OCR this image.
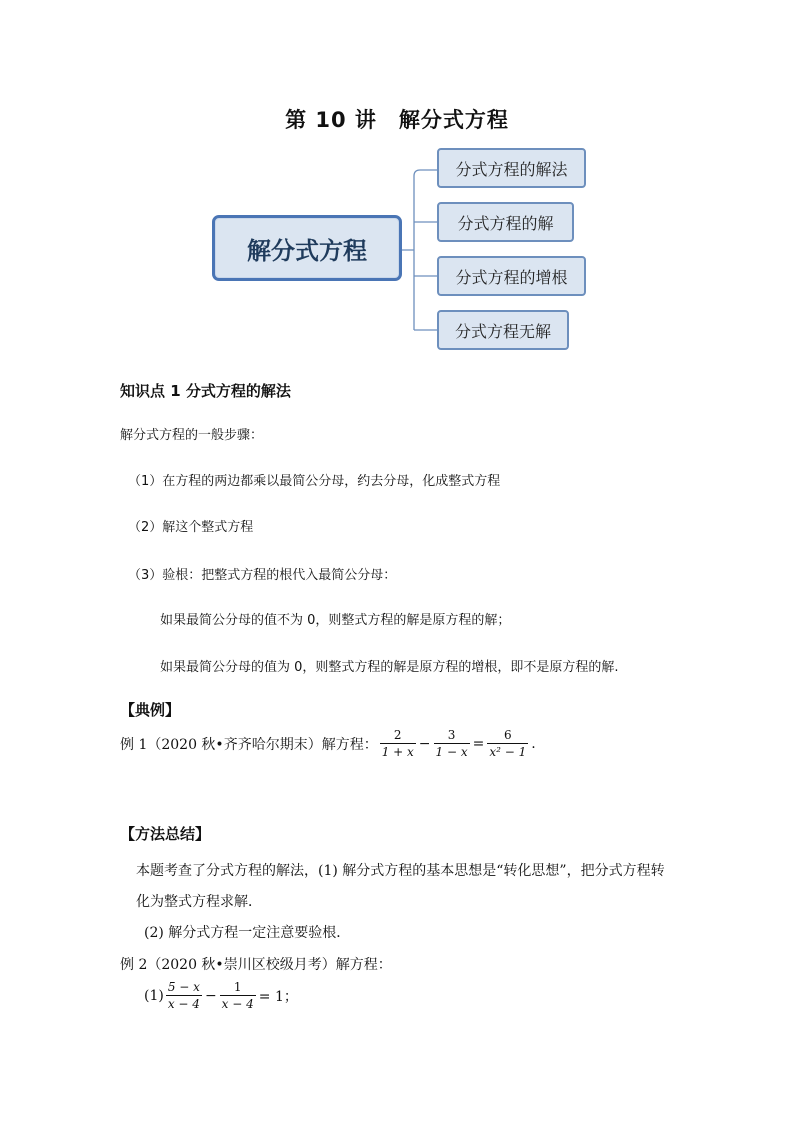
第 10 讲　解分式方程
解分式方程
分式方程的解法
分式方程的解
分式方程的增根
分式方程无解
知识点 1 分式方程的解法
解分式方程的一般步骤：
（1）在方程的两边都乘以最简公分母，约去分母，化成整式方程
（2）解这个整式方程
（3）验根：把整式方程的根代入最简公分母：
如果最简公分母的值不为 0，则整式方程的解是原方程的解；
如果最简公分母的值为 0，则整式方程的解是原方程的增根，即不是原方程的解.
【典例】
例 1（2020 秋•齐齐哈尔期末）解方程： $\frac{2}{1 + x} - \frac{3}{1 - x} = \frac{6}{\text{x² − 1}}$ .
【方法总结】
本题考查了分式方程的解法，(1) 解分式方程的基本思想是“转化思想”，把分式方程转
化为整式方程求解．
(2) 解分式方程一定注意要验根．
例 2（2020 秋•崇川区校级月考）解方程：
$(1) \frac{5 - x}{x - 4} - \frac{1}{x - 4} = 1$；
